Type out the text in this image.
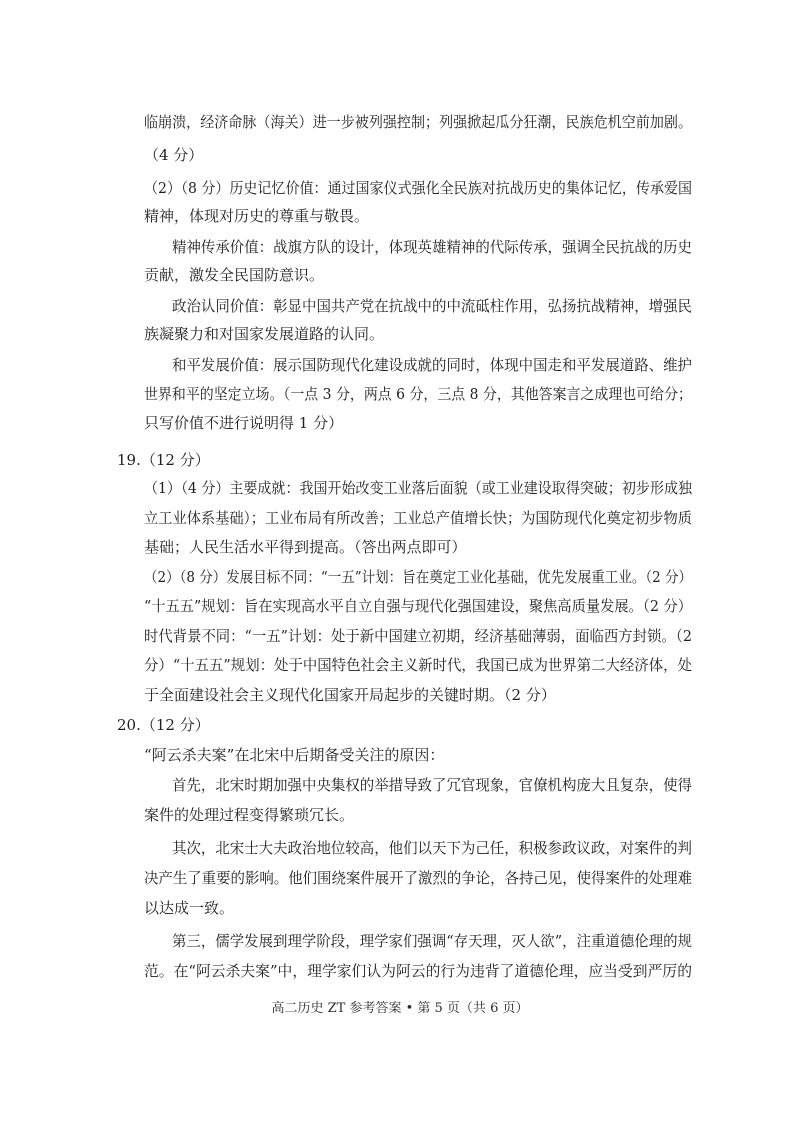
临崩溃，经济命脉（海关）进一步被列强控制；列强掀起瓜分狂潮，民族危机空前加剧。
（4 分）
（2）（8 分）历史记忆价值：通过国家仪式强化全民族对抗战历史的集体记忆，传承爱国
精神，体现对历史的尊重与敬畏。
精神传承价值：战旗方队的设计，体现英雄精神的代际传承，强调全民抗战的历史
贡献，激发全民国防意识。
政治认同价值：彰显中国共产党在抗战中的中流砥柱作用，弘扬抗战精神，增强民
族凝聚力和对国家发展道路的认同。
和平发展价值：展示国防现代化建设成就的同时，体现中国走和平发展道路、维护
世界和平的坚定立场。（一点 3 分，两点 6 分，三点 8 分，其他答案言之成理也可给分；
只写价值不进行说明得 1 分）
19.（12 分）
（1）（4 分）主要成就：我国开始改变工业落后面貌（或工业建设取得突破；初步形成独
立工业体系基础）；工业布局有所改善；工业总产值增长快；为国防现代化奠定初步物质
基础；人民生活水平得到提高。（答出两点即可）
（2）（8 分）发展目标不同：“一五”计划：旨在奠定工业化基础，优先发展重工业。（2 分）
“十五五”规划：旨在实现高水平自立自强与现代化强国建设，聚焦高质量发展。（2 分）
时代背景不同：“一五”计划：处于新中国建立初期，经济基础薄弱，面临西方封锁。（2
分）“十五五”规划：处于中国特色社会主义新时代，我国已成为世界第二大经济体，处
于全面建设社会主义现代化国家开局起步的关键时期。（2 分）
20.（12 分）
“阿云杀夫案”在北宋中后期备受关注的原因：
首先，北宋时期加强中央集权的举措导致了冗官现象，官僚机构庞大且复杂，使得
案件的处理过程变得繁琐冗长。
其次，北宋士大夫政治地位较高，他们以天下为己任，积极参政议政，对案件的判
决产生了重要的影响。他们围绕案件展开了激烈的争论，各持己见，使得案件的处理难
以达成一致。
第三，儒学发展到理学阶段，理学家们强调“存天理，灭人欲”，注重道德伦理的规
范。在“阿云杀夫案”中，理学家们认为阿云的行为违背了道德伦理，应当受到严厉的
高二历史 ZT 参考答案 • 第 5 页（共 6 页）
